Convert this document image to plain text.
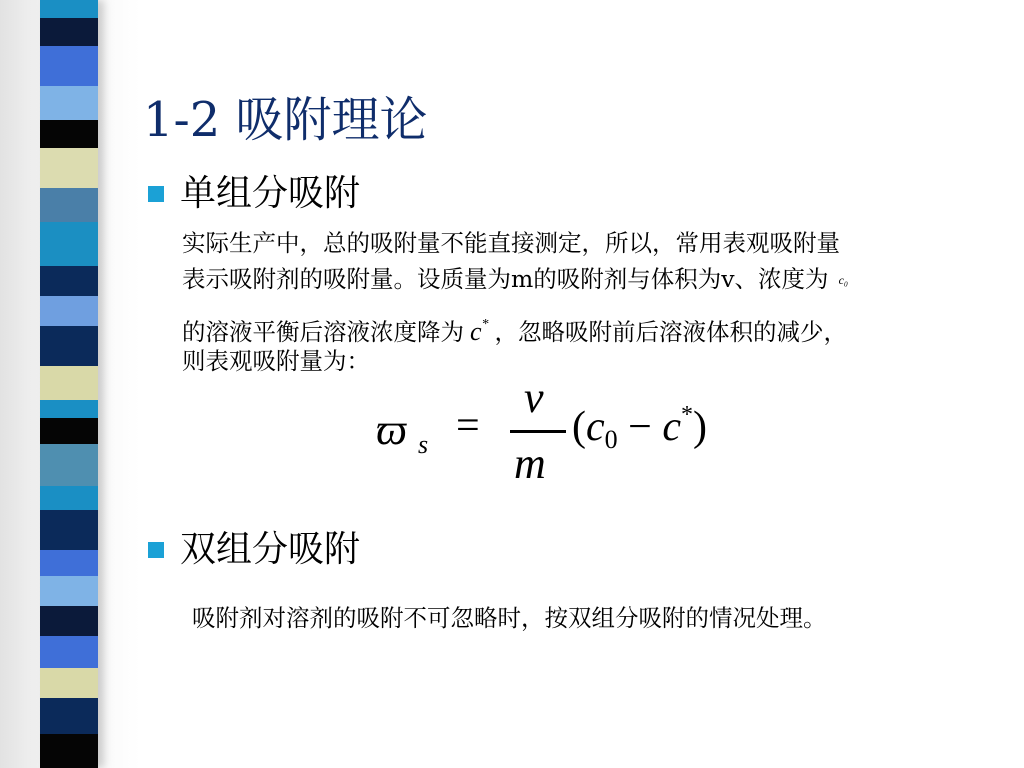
1-2 吸附理论
单组分吸附
实际生产中，总的吸附量不能直接测定，所以，常用表观吸附量
表示吸附剂的吸附量。设质量为m的吸附剂与体积为v、浓度为 c₀
的溶液平衡后溶液浓度降为 c* ，忽略吸附前后溶液体积的减少，
则表观吸附量为：
ϖ s =
v
m
(c0 − c*)
双组分吸附
吸附剂对溶剂的吸附不可忽略时，按双组分吸附的情况处理。
